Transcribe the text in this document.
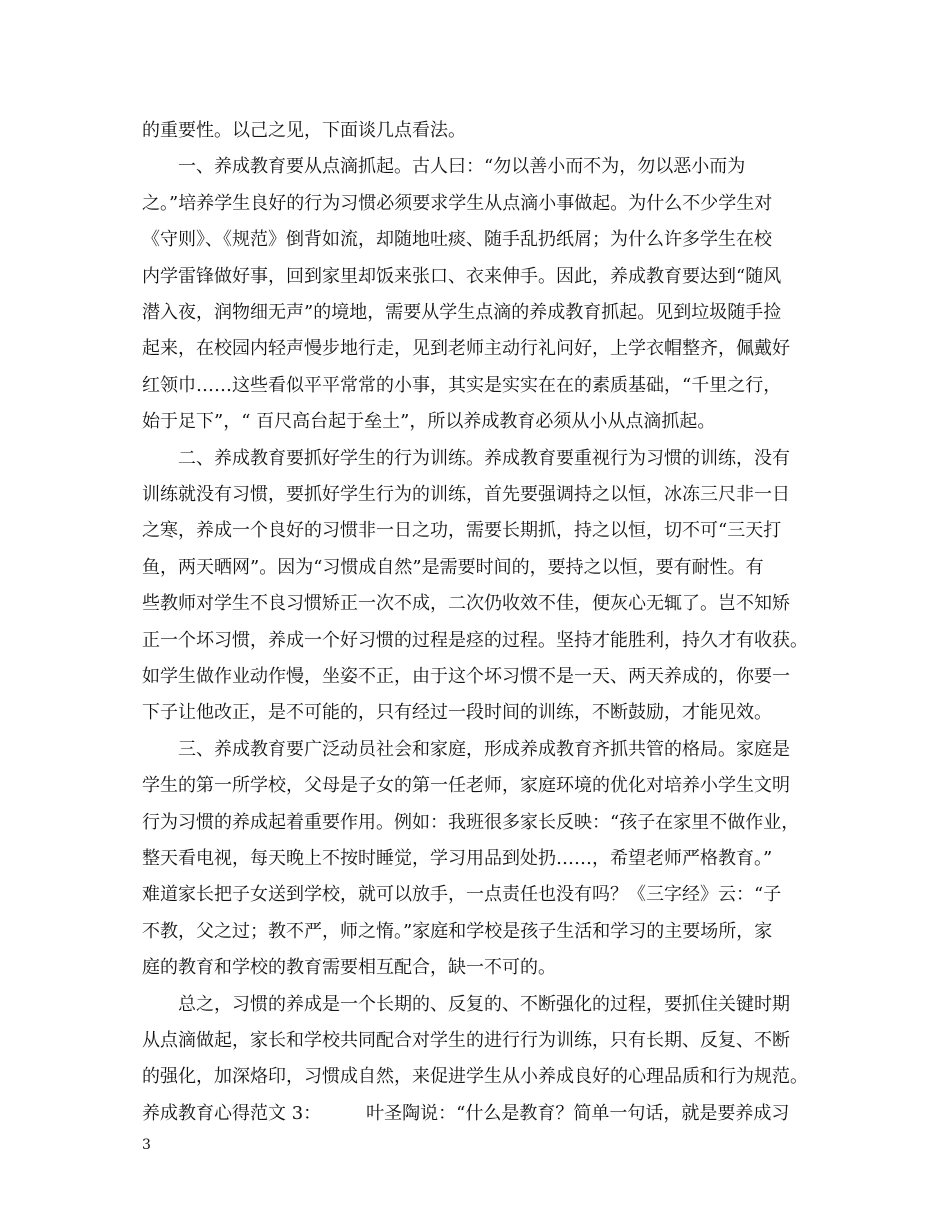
的重要性。以己之见，下面谈几点看法。
　　一、养成教育要从点滴抓起。古人曰：“勿以善小而不为，勿以恶小而为
之。”培养学生良好的行为习惯必须要求学生从点滴小事做起。为什么不少学生对
《守则》、《规范》倒背如流，却随地吐痰、随手乱扔纸屑；为什么许多学生在校
内学雷锋做好事，回到家里却饭来张口、衣来伸手。因此，养成教育要达到“随风
潜入夜，润物细无声”的境地，需要从学生点滴的养成教育抓起。见到垃圾随手捡
起来，在校园内轻声慢步地行走，见到老师主动行礼问好，上学衣帽整齐，佩戴好
红领巾……这些看似平平常常的小事，其实是实实在在的素质基础，“千里之行，
始于足下”，“ 百尺高台起于垒土”，所以养成教育必须从小从点滴抓起。
　　二、养成教育要抓好学生的行为训练。养成教育要重视行为习惯的训练，没有
训练就没有习惯，要抓好学生行为的训练，首先要强调持之以恒，冰冻三尺非一日
之寒，养成一个良好的习惯非一日之功，需要长期抓，持之以恒，切不可“三天打
鱼，两天晒网”。因为“习惯成自然”是需要时间的，要持之以恒，要有耐性。有
些教师对学生不良习惯矫正一次不成，二次仍收效不佳，便灰心无辄了。岂不知矫
正一个坏习惯，养成一个好习惯的过程是痉的过程。坚持才能胜利，持久才有收获。
如学生做作业动作慢，坐姿不正，由于这个坏习惯不是一天、两天养成的，你要一
下子让他改正，是不可能的，只有经过一段时间的训练，不断鼓励，才能见效。
　　三、养成教育要广泛动员社会和家庭，形成养成教育齐抓共管的格局。家庭是
学生的第一所学校，父母是子女的第一任老师，家庭环境的优化对培养小学生文明
行为习惯的养成起着重要作用。例如：我班很多家长反映：“孩子在家里不做作业，
整天看电视，每天晚上不按时睡觉，学习用品到处扔……，希望老师严格教育。”
难道家长把子女送到学校，就可以放手，一点责任也没有吗？《三字经》云：“子
不教，父之过；教不严，师之惰。”家庭和学校是孩子生活和学习的主要场所，家
庭的教育和学校的教育需要相互配合，缺一不可的。
　　总之，习惯的养成是一个长期的、反复的、不断强化的过程，要抓住关键时期
从点滴做起，家长和学校共同配合对学生的进行行为训练，只有长期、反复、不断
的强化，加深烙印，习惯成自然，来促进学生从小养成良好的心理品质和行为规范。
养成教育心得范文 3：　　　叶圣陶说：“什么是教育？简单一句话，就是要养成习
3
